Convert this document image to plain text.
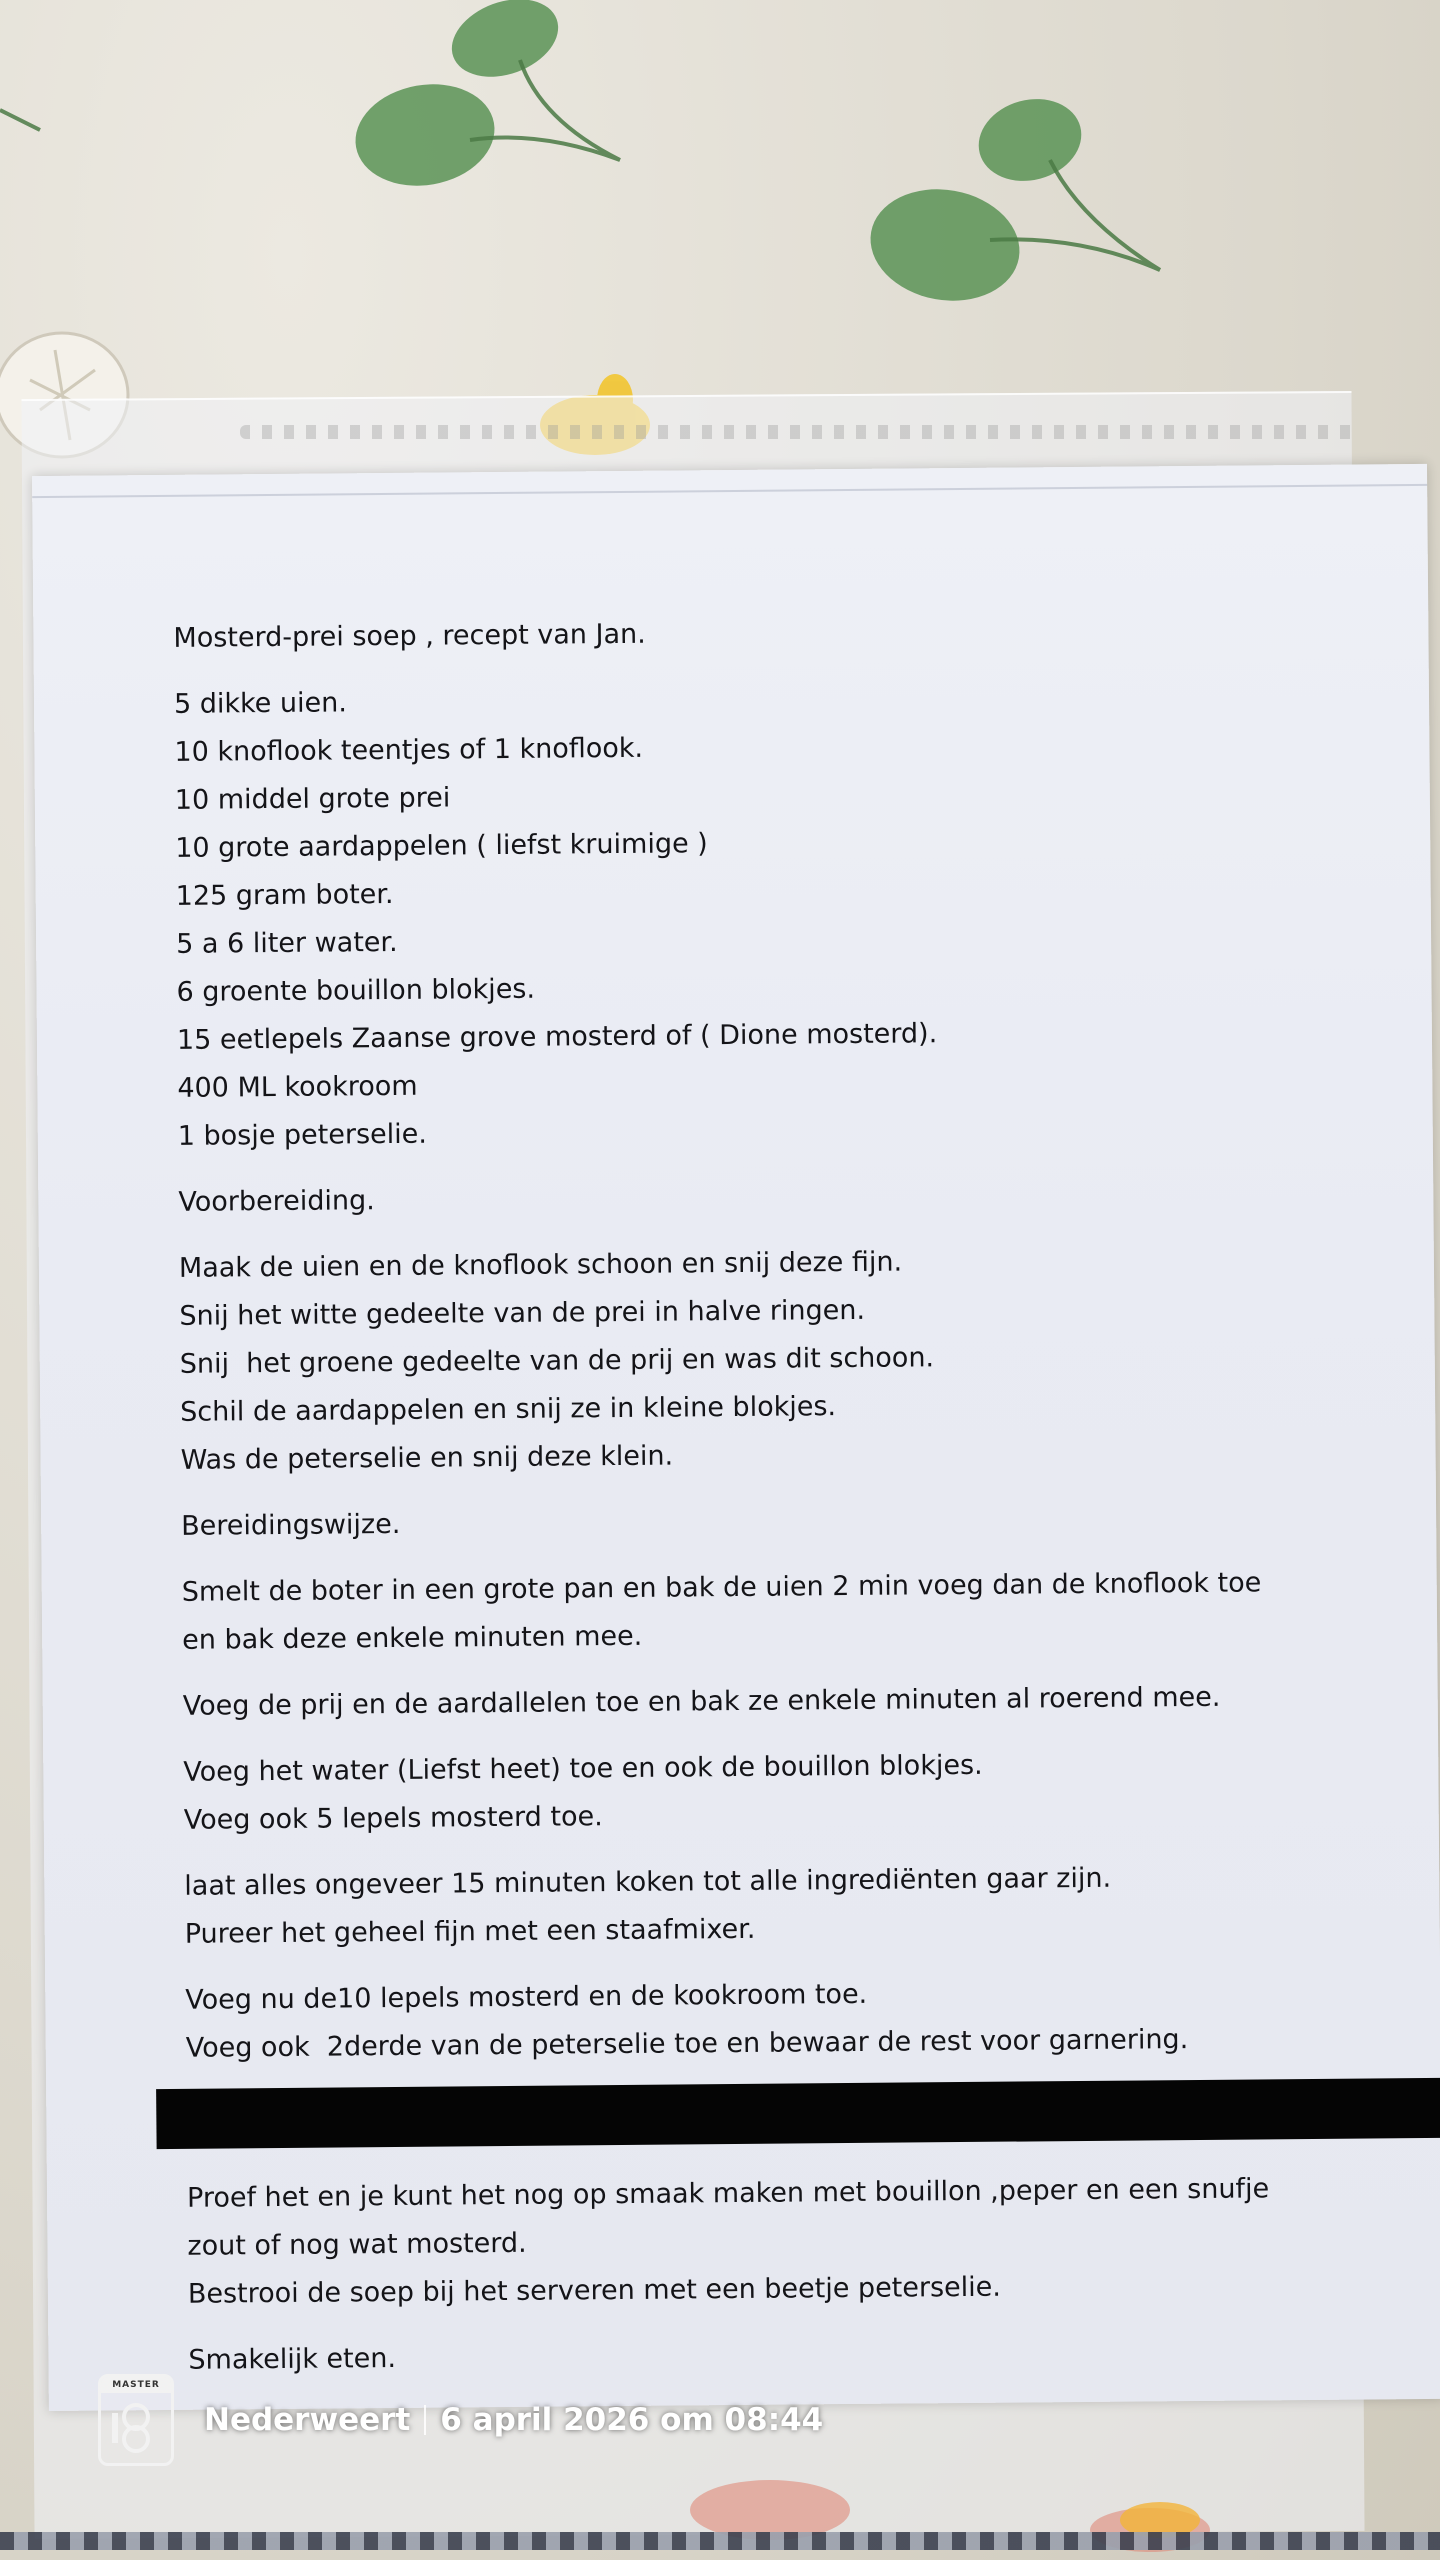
Mosterd-prei soep , recept van Jan.

5 dikke uien.

10 knoflook teentjes of 1 knoflook.

10 middel grote prei

10 grote aardappelen ( liefst kruimige )

125 gram boter.

5 a 6 liter water.

6 groente bouillon blokjes.

15 eetlepels Zaanse grove mosterd of ( Dione mosterd).

400 ML kookroom

1 bosje peterselie.

Voorbereiding.

Maak de uien en de knoflook schoon en snij deze fijn.

Snij het witte gedeelte van de prei in halve ringen.

Snij  het groene gedeelte van de prij en was dit schoon.

Schil de aardappelen en snij ze in kleine blokjes.

Was de peterselie en snij deze klein.

Bereidingswijze.

Smelt de boter in een grote pan en bak de uien 2 min voeg dan de knoflook toe
en bak deze enkele minuten mee.

Voeg de prij en de aardallelen toe en bak ze enkele minuten al roerend mee.

Voeg het water (Liefst heet) toe en ook de bouillon blokjes.
Voeg ook 5 lepels mosterd toe.

laat alles ongeveer 15 minuten koken tot alle ingrediënten gaar zijn.
Pureer het geheel fijn met een staafmixer.

Voeg nu de10 lepels mosterd en de kookroom toe.
Voeg ook  2derde van de peterselie toe en bewaar de rest voor garnering.

Proef het en je kunt het nog op smaak maken met bouillon ,peper en een snufje
zout of nog wat mosterd.
Bestrooi de soep bij het serveren met een beetje peterselie.

Smakelijk eten.

MASTER
Nederweert 6 april 2026 om 08:44
